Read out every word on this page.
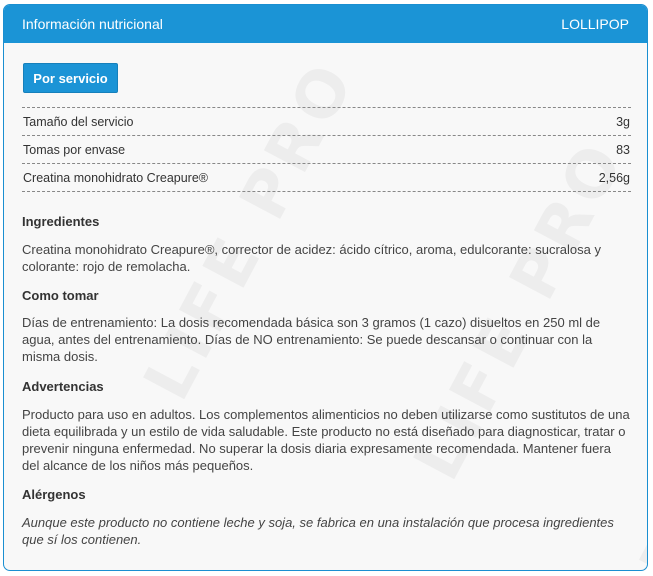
Información nutricional	LOLLIPOP
Por servicio
Tamaño del servicio	3g
Tomas por envase	83
Creatina monohidrato Creapure®	2,56g
Ingredientes
Creatina monohidrato Creapure®, corrector de acidez: ácido cítrico, aroma, edulcorante: sucralosa y colorante: rojo de remolacha.
Como tomar
Días de entrenamiento: La dosis recomendada básica son 3 gramos (1 cazo) disueltos en 250 ml de agua, antes del entrenamiento. Días de NO entrenamiento: Se puede descansar o continuar con la misma dosis.
Advertencias
Producto para uso en adultos. Los complementos alimenticios no deben utilizarse como sustitutos de una dieta equilibrada y un estilo de vida saludable. Este producto no está diseñado para diagnosticar, tratar o prevenir ninguna enfermedad. No superar la dosis diaria expresamente recomendada. Mantener fuera del alcance de los niños más pequeños.
Alérgenos
Aunque este producto no contiene leche y soja, se fabrica en una instalación que procesa ingredientes que sí los contienen.
